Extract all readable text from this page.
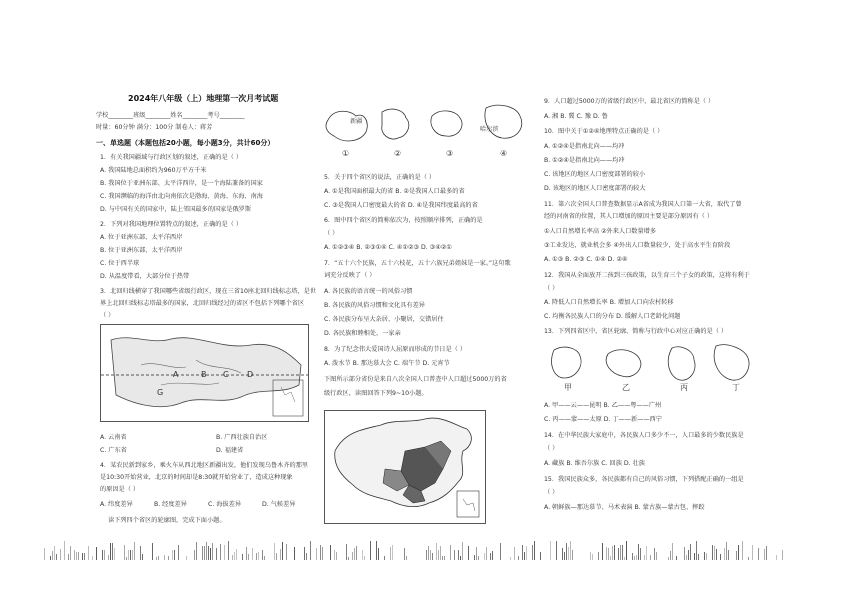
2024年八年级（上）地理第一次月考试题
学校________班级________姓名________考号________
时量：60分钟 满分：100分 制卷人：蒋芳
一、单选题（本题包括20小题，每小题3分，共计60分）
1．有关我国疆域与行政区划的叙述，正确的是（ ）
A. 我国陆地总面积约为960万平方千米
B. 我国位于亚洲东部、太平洋西岸，是一个海陆兼备的国家
C. 我国濒临的海洋由北向南依次是渤海、黄海、东海、南海
D. 与中国有关的国家中，陆上邻国最多的国家是俄罗斯
2．下列对我国地理位置特点的叙述，正确的是（ ）
A. 位于亚洲东部、太平洋西岸
B. 位于亚洲东部、太平洋西岸
C. 位于西半球
D. 从温度带看，大部分位于热带
3．北回归线横穿了我国哪些省级行政区，现在三省10座北回归线标志塔，是世
界上北回归线标志塔最多的国家，北回归线经过的省区不包括下列哪个省区
（ ）
A	B C D
G
A. 云南省	B. 广西壮族自治区
C. 广东省	D. 福建省
4．某农民新到家乡，乘火车从西北地区新疆出发，他们发现乌鲁木齐的那里
是10:30开始营业，北京的时间却是8:30就开始营业了，造成这种现象
的原因是（ ）
A. 纬度差异	B. 经度差异	C. 海拔差异	D. 气候差异
读下列四个省区的轮廓图，完成下面小题。
新疆
哈尔滨
①	②	③	④
5．关于四个省区的说法，正确的是（ ）
A. ①是我国面积最大的省 B. ②是我国人口最多的省
C. ③是我国人口密度最大的省 D. ④是我国纬度最高的省
6．图中四个省区的简称依次为，按照顺序排列，正确的是
（ ）
A. ①②③④ B. ②③①④ C. ④①②③ D. ③④②①
7．“五十六个民族，五十六枝花，五十六族兄弟姐妹是一家。”这句歌
词充分反映了（ ）
A. 各民族的语言统一的风俗习惯
B. 各民族的风俗习惯和文化具有差异
C. 各民族分布呈大杂居、小聚居，交错居住
D. 各民族和睦相处，一家亲
8．为了纪念伟大爱国诗人屈原而形成的节日是（ ）
A. 泼水节 B. 那达慕大会 C. 端午节 D. 元宵节
下图所示部分省份是来自八次全国人口普查中人口超过5000万的省
级行政区，读图回答下列9~10小题。
9．人口超过5000万的省级行政区中，最北省区的简称是（ ）
A. 湘 B. 冀 C. 豫 D. 鲁
10．图中关于①②④地理特点正确的是（ ）
A. ①②④是指南北向——均冲
B. ①②④是指南北向——均冲
C. 该地区的地区人口密度部署的较小
D. 该地区的地区人口密度部署的较大
11．第六次全国人口普查数据显示A省成为我国人口第一大省，取代了曾
经的河南省的位置，其人口增加的原因主要是部分原因有（ ）
①人口自然增长率高 ②外来人口数量增多
③工业发达，就业机会多 ④外出人口数量较少，处于高水平生育阶段
A. ①③ B. ②③ C. ①④ D. ②④
12．我国从全面放开二孩到三孩政策，以生育三个子女的政策，这将有利于
（ ）
A. 降低人口自然增长率 B. 增加人口向农村转移
C. 均衡各民族人口的分布 D. 缓解人口老龄化问题
13．下列四省区中，省区轮廓、简称与行政中心对应正确的是（ ）
甲	乙	丙	丁
A. 甲——云——昆明 B. 乙——粤——广州
C. 丙——蒙——太原 D. 丁——新——西宁
14．在中华民族大家庭中，各民族人口多少不一，人口最多的少数民族是
（ ）
A. 藏族 B. 维吾尔族 C. 回族 D. 壮族
15．我国民族众多，各民族都有自己的风俗习惯，下列搭配正确的一组是
（ ）
A. 朝鲜族—那达慕节、马术表演 B. 蒙古族—蒙古包、摔跤
